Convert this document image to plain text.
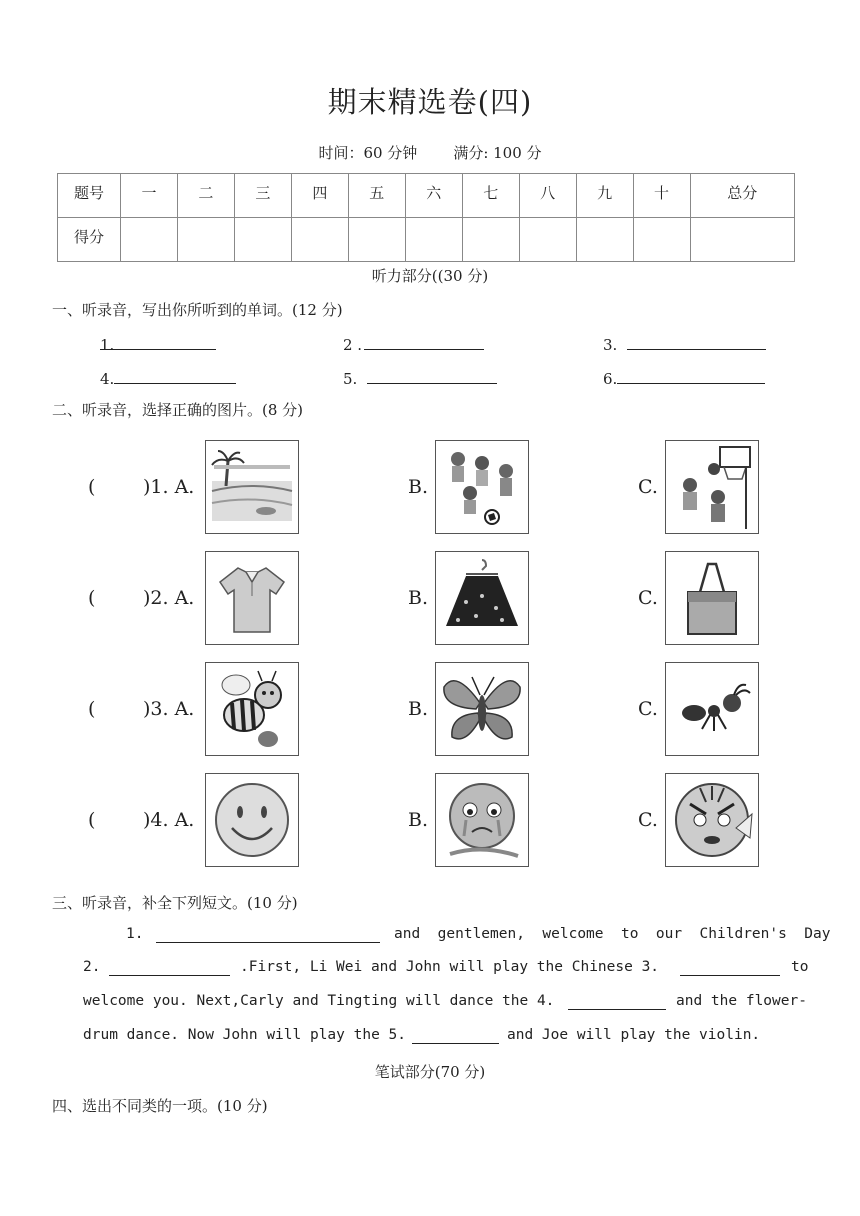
期末精选卷(四)
时间：60 分钟 满分: 100 分
题号	一	二	三	四	五	六	七	八	九	十	总分
得分											
听力部分((30 分)
一、听录音，写出你所听到的单词。(12 分)
1.	2 .	3.
4.	5.	6.
二、听录音，选择正确的图片。(8 分)
(	)1. A.	B.	C.
(	)2. A.	B.	C.
(	)3. A.	B.	C.
(	)4. A.	B.	C.
三、听录音，补全下列短文。(10 分)
1.	and  gentlemen,  welcome  to  our  Children's  Day
2.	.First, Li Wei and John will play the Chinese 3.	to
welcome you. Next,Carly and Tingting will dance the 4.	and the flower-
drum dance. Now John will play the 5.	and Joe will play the violin.
笔试部分(70 分)
四、选出不同类的一项。(10 分)
